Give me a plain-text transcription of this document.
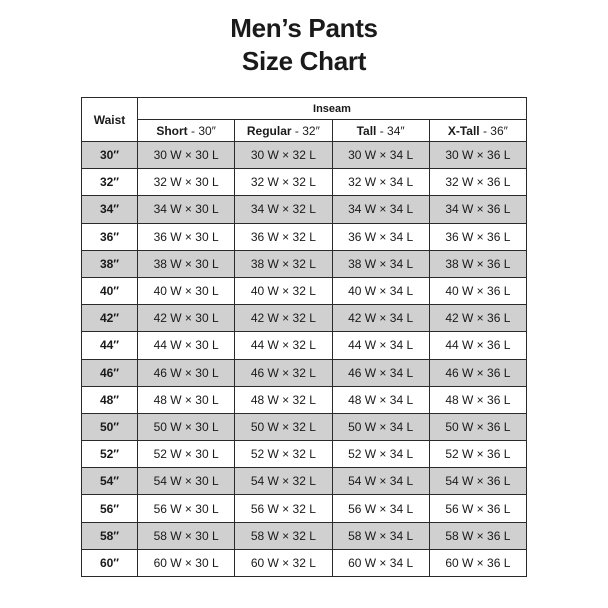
Men’s Pants
Size Chart
Waist	Inseam			
	Short - 30″	Regular - 32″	Tall - 34″	X-Tall - 36″
30″	30 W × 30 L	30 W × 32 L	30 W × 34 L	30 W × 36 L
32″	32 W × 30 L	32 W × 32 L	32 W × 34 L	32 W × 36 L
34″	34 W × 30 L	34 W × 32 L	34 W × 34 L	34 W × 36 L
36″	36 W × 30 L	36 W × 32 L	36 W × 34 L	36 W × 36 L
38″	38 W × 30 L	38 W × 32 L	38 W × 34 L	38 W × 36 L
40″	40 W × 30 L	40 W × 32 L	40 W × 34 L	40 W × 36 L
42″	42 W × 30 L	42 W × 32 L	42 W × 34 L	42 W × 36 L
44″	44 W × 30 L	44 W × 32 L	44 W × 34 L	44 W × 36 L
46″	46 W × 30 L	46 W × 32 L	46 W × 34 L	46 W × 36 L
48″	48 W × 30 L	48 W × 32 L	48 W × 34 L	48 W × 36 L
50″	50 W × 30 L	50 W × 32 L	50 W × 34 L	50 W × 36 L
52″	52 W × 30 L	52 W × 32 L	52 W × 34 L	52 W × 36 L
54″	54 W × 30 L	54 W × 32 L	54 W × 34 L	54 W × 36 L
56″	56 W × 30 L	56 W × 32 L	56 W × 34 L	56 W × 36 L
58″	58 W × 30 L	58 W × 32 L	58 W × 34 L	58 W × 36 L
60″	60 W × 30 L	60 W × 32 L	60 W × 34 L	60 W × 36 L
